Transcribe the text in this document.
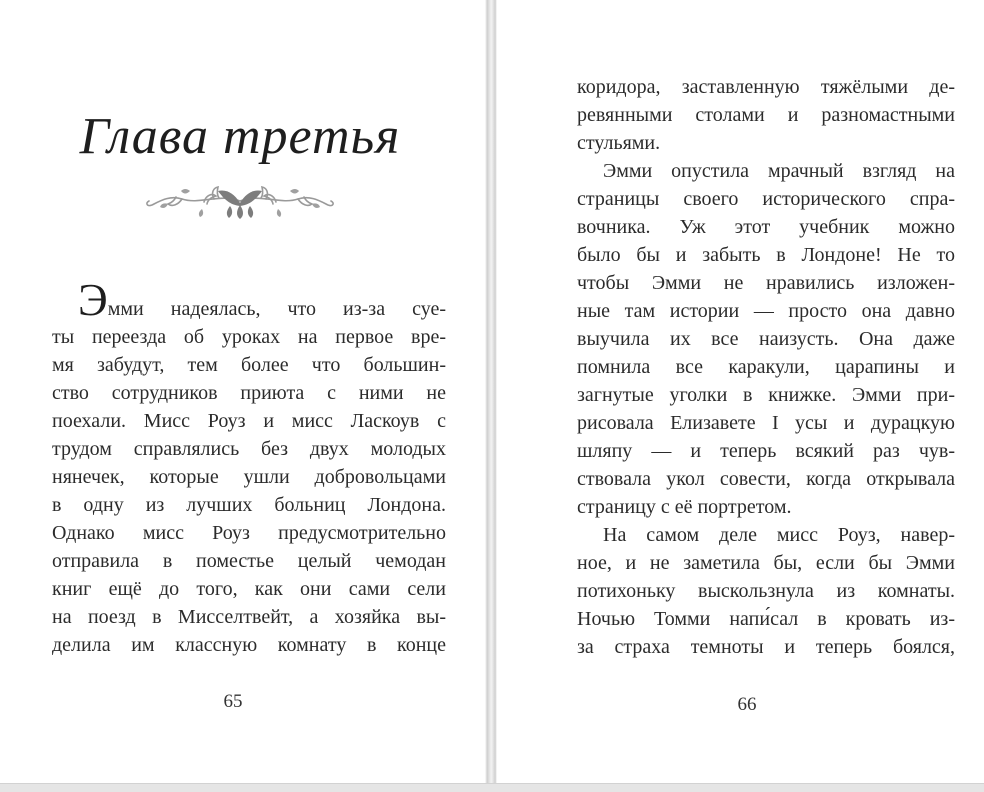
Глава третья
Эмми надеялась, что из-за суе-
ты переезда об уроках на первое вре-
мя забудут, тем более что большин-
ство сотрудников приюта с ними не
поехали. Мисс Роуз и мисс Ласкоув с
трудом справлялись без двух молодых
нянечек, которые ушли добровольцами
в одну из лучших больниц Лондона.
Однако мисс Роуз предусмотрительно
отправила в поместье целый чемодан
книг ещё до того, как они сами сели
на поезд в Мисселтвейт, а хозяйка вы-
делила им классную комнату в конце
65
коридора, заставленную тяжёлыми де-
ревянными столами и разномастными
стульями.
Эмми опустила мрачный взгляд на
страницы своего исторического спра-
вочника. Уж этот учебник можно
было бы и забыть в Лондоне! Не то
чтобы Эмми не нравились изложен-
ные там истории — просто она давно
выучила их все наизусть. Она даже
помнила все каракули, царапины и
загнутые уголки в книжке. Эмми при-
рисовала Елизавете I усы и дурацкую
шляпу — и теперь всякий раз чув-
ствовала укол совести, когда открывала
страницу с её портретом.
На самом деле мисс Роуз, навер-
ное, и не заметила бы, если бы Эмми
потихоньку выскользнула из комнаты.
Ночью Томми напи́сал в кровать из-
за страха темноты и теперь боялся,
66
